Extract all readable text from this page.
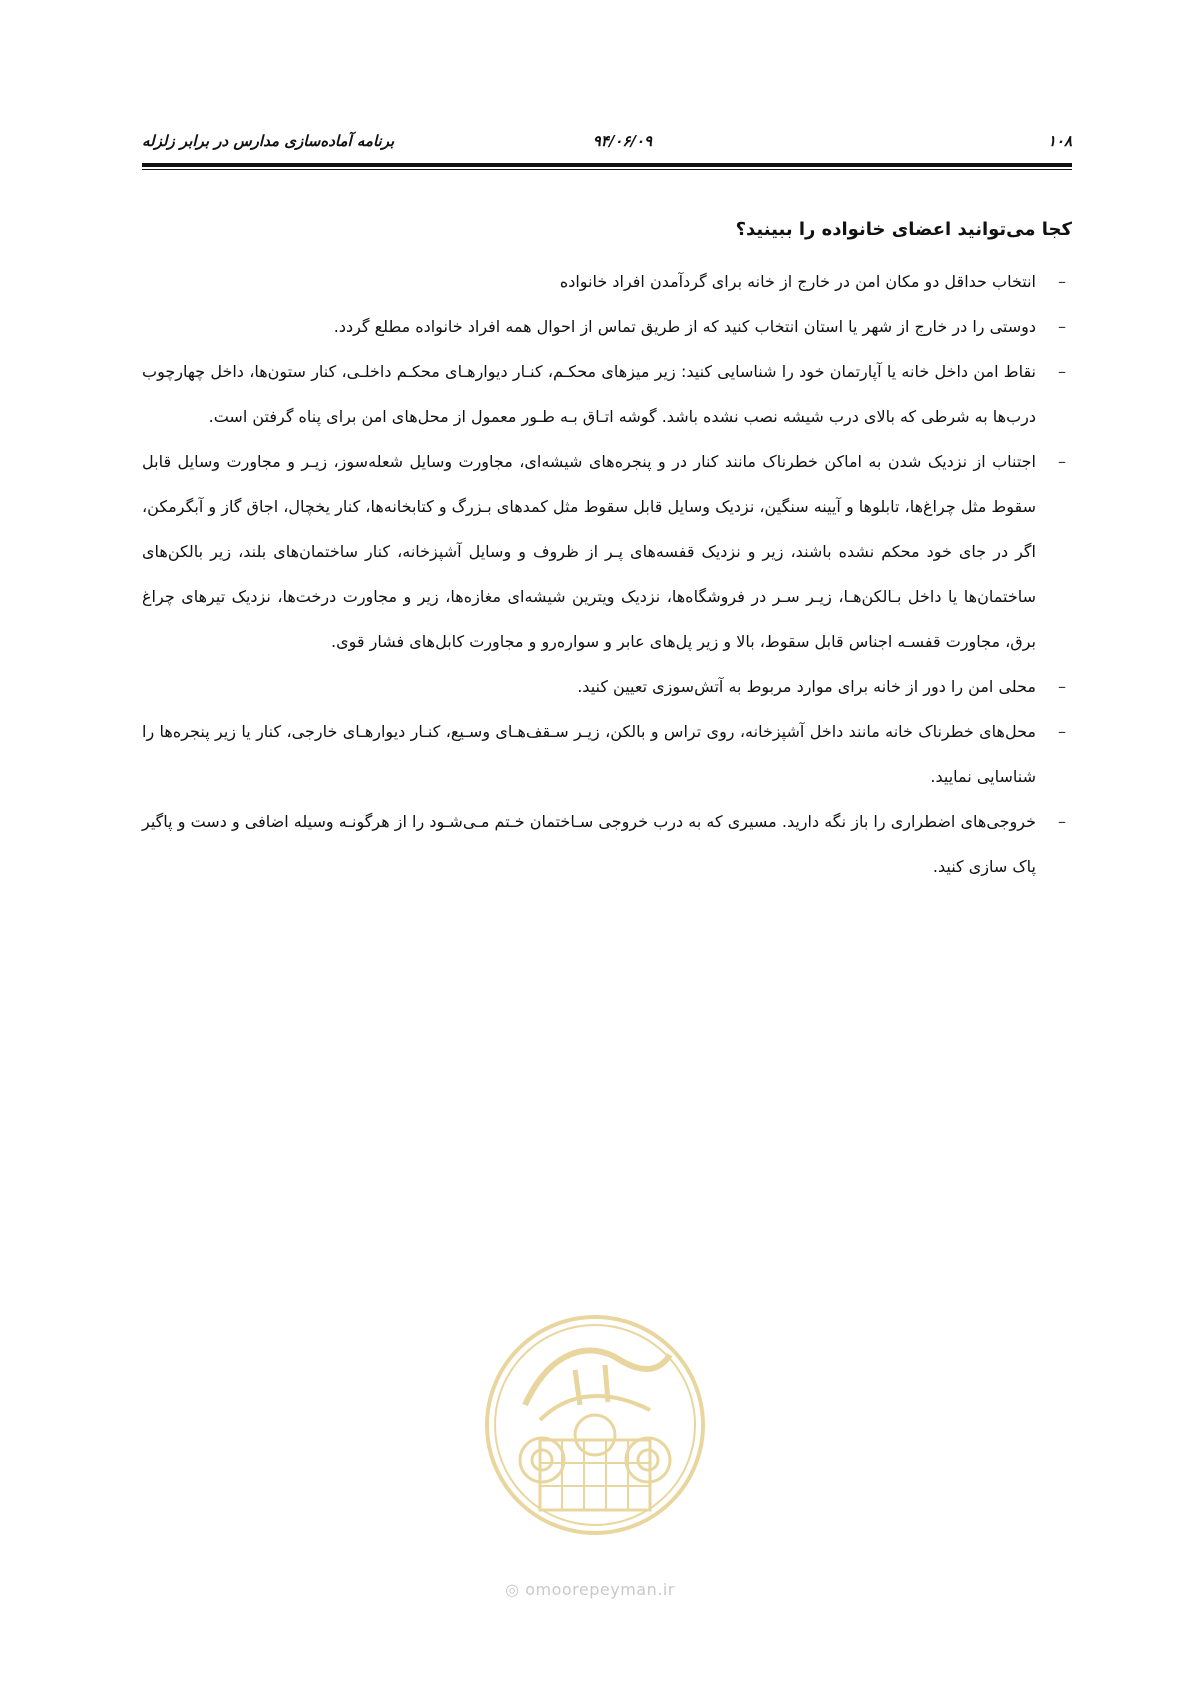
۱۰۸
۹۴/۰۶/۰۹
برنامه آماده‌سازی مدارس در برابر زلزله
کجا می‌توانید اعضای خانواده را ببینید؟
–
انتخاب حداقل دو مکان امن در خارج از خانه برای گردآمدن افراد خانواده
–
دوستی را در خارج از شهر یا استان انتخاب کنید که از طریق تماس از احوال همه افراد خانواده مطلع گردد.
–
نقاط امن داخل خانه یا آپارتمان خود را شناسایی کنید: زیر میزهای محکـم، کنـار دیوارهـای محکـم داخلـی، کنار ستون‌ها، داخل چهارچوب درب‌ها به شرطی که بالای درب شیشه نصب نشده باشد. گوشه اتـاق بـه طـور معمول از محل‌های امن برای پناه گرفتن است.
–
اجتناب از نزدیک شدن به اماکن خطرناک مانند کنار در و پنجره‌های شیشه‌ای، مجاورت وسایل شعله‌سوز، زیـر و مجاورت وسایل قابل سقوط مثل چراغ‌ها، تابلوها و آیینه سنگین، نزدیک وسایل قابل سقوط مثل کمدهای بـزرگ و کتابخانه‌ها، کنار یخچال، اجاق گاز و آبگرمکن، اگر در جای خود محکم نشده باشند، زیر و نزدیک قفسه‌های پـر از ظروف و وسایل آشپزخانه، کنار ساختمان‌های بلند، زیر بالکن‌های ساختمان‌ها یا داخل بـالکن‌هـا، زیـر سـر در فروشگاه‌ها، نزدیک ویترین شیشه‌ای مغازه‌ها، زیر و مجاورت درخت‌ها، نزدیک تیرهای چراغ برق، مجاورت قفسـه اجناس قابل سقوط، بالا و زیر پل‌های عابر و سواره‌رو و مجاورت کابل‌های فشار قوی.
–
محلی امن را دور از خانه برای موارد مربوط به آتش‌سوزی تعیین کنید.
–
محل‌های خطرناک خانه مانند داخل آشپزخانه، روی تراس و بالکن، زیـر سـقف‌هـای وسـیع، کنـار دیوارهـای خارجی، کنار یا زیر پنجره‌ها را شناسایی نمایید.
–
خروجی‌های اضطراری را باز نگه دارید. مسیری که به درب خروجی سـاختمان خـتم مـی‌شـود را از هرگونـه وسیله اضافی و دست و پاگیر پاک سازی کنید.
◎ omoorepeyman.ir
